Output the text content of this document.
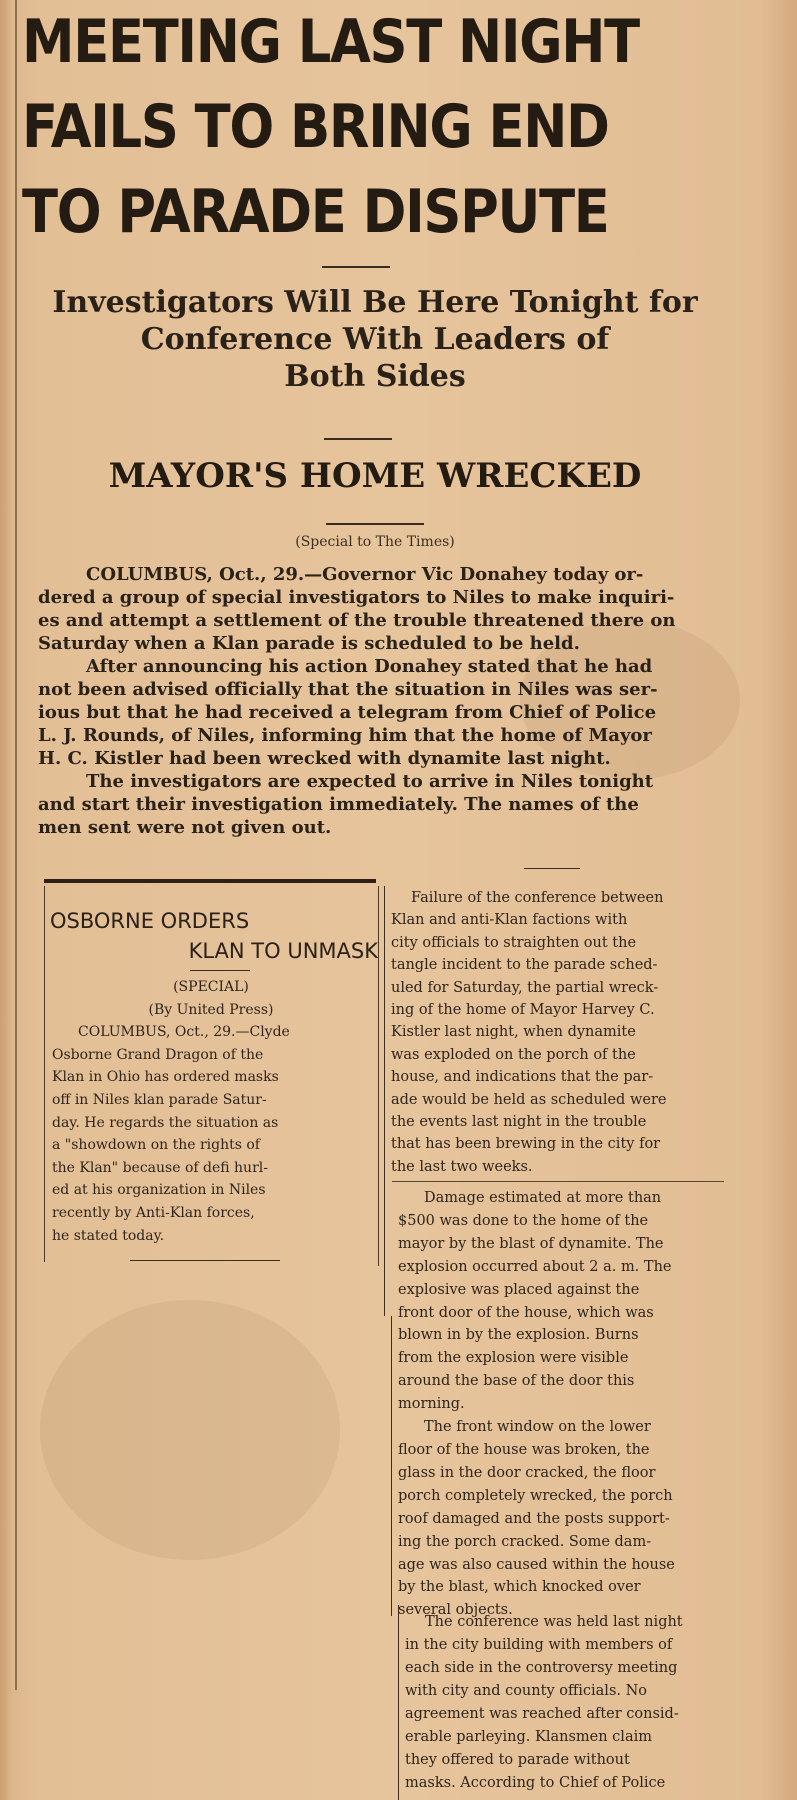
MEETING LAST NIGHT
FAILS TO BRING END
TO PARADE DISPUTE
Investigators Will Be Here Tonight for
Conference With Leaders of
Both Sides
MAYOR'S HOME WRECKED
(Special to The Times)

COLUMBUS, Oct., 29.—Governor Vic Donahey today or-

dered a group of special investigators to Niles to make inquiri-

es and attempt a settlement of the trouble threatened there on

Saturday when a Klan parade is scheduled to be held.

After announcing his action Donahey stated that he had

not been advised officially that the situation in Niles was ser-

ious but that he had received a telegram from Chief of Police

L. J. Rounds, of Niles, informing him that the home of Mayor

H. C. Kistler had been wrecked with dynamite last night.

The investigators are expected to arrive in Niles tonight

and start their investigation immediately. The names of the

men sent were not given out.

OSBORNE ORDERS
KLAN TO UNMASK
(SPECIAL)
(By United Press)
COLUMBUS, Oct., 29.—Clyde
Osborne Grand Dragon of the
Klan in Ohio has ordered masks
off in Niles klan parade Satur-
day. He regards the situation as
a "showdown on the rights of
the Klan" because of defi hurl-
ed at his organization in Niles
recently by Anti-Klan forces,
he stated today.
Failure of the conference between
Klan and anti-Klan factions with
city officials to straighten out the
tangle incident to the parade sched-
uled for Saturday, the partial wreck-
ing of the home of Mayor Harvey C.
Kistler last night, when dynamite
was exploded on the porch of the
house, and indications that the par-
ade would be held as scheduled were
the events last night in the trouble
that has been brewing in the city for
the last two weeks.
Damage estimated at more than
$500 was done to the home of the
mayor by the blast of dynamite. The
explosion occurred about 2 a. m. The
explosive was placed against the
front door of the house, which was
blown in by the explosion. Burns
from the explosion were visible
around the base of the door this
morning.
The front window on the lower
floor of the house was broken, the
glass in the door cracked, the floor
porch completely wrecked, the porch
roof damaged and the posts support-
ing the porch cracked. Some dam-
age was also caused within the house
by the blast, which knocked over
several objects.
The conference was held last night
in the city building with members of
each side in the controversy meeting
with city and county officials. No
agreement was reached after consid-
erable parleying. Klansmen claim
they offered to parade without
masks. According to Chief of Police
